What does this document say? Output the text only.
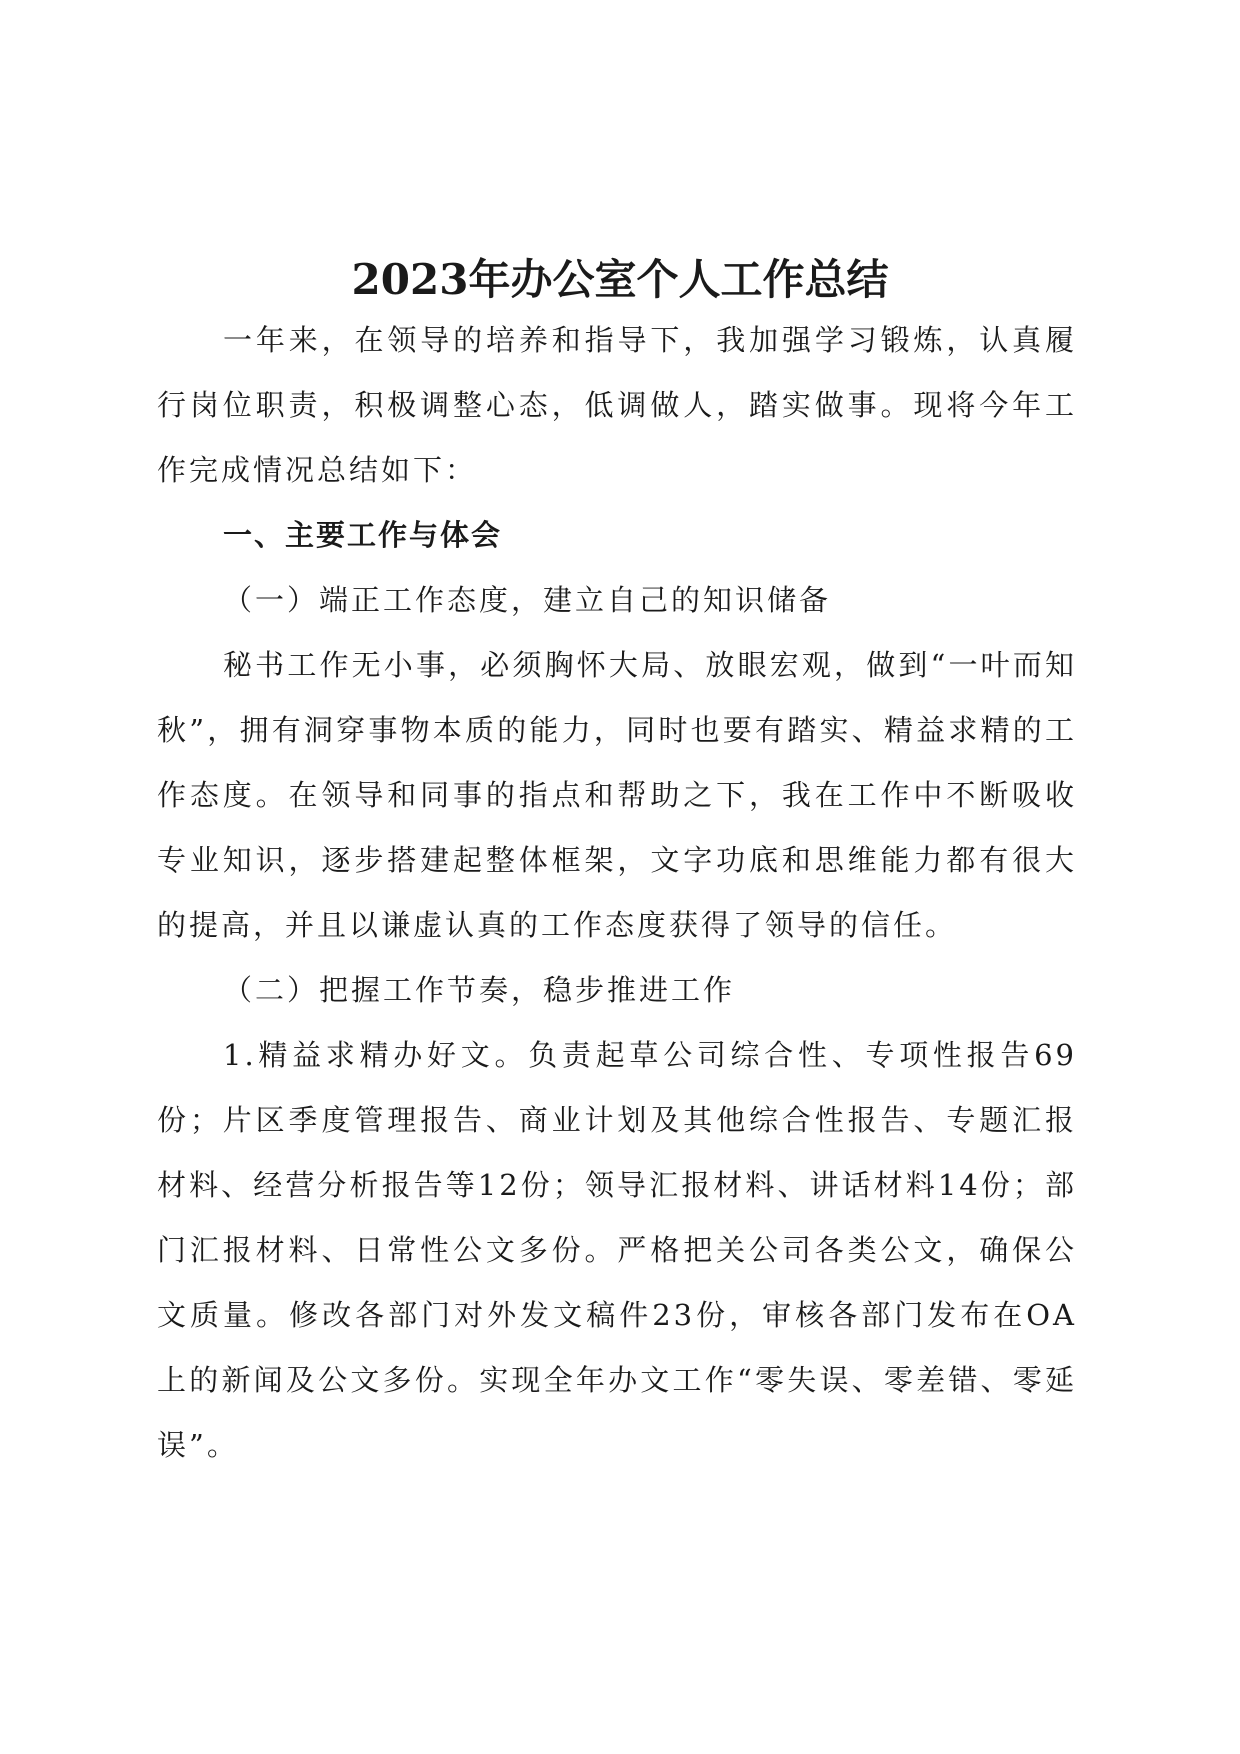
2023年办公室个人工作总结

一年来，在领导的培养和指导下，我加强学习锻炼，认真履行岗位职责，积极调整心态，低调做人，踏实做事。现将今年工作完成情况总结如下：

一、主要工作与体会
（一）端正工作态度，建立自己的知识储备

秘书工作无小事，必须胸怀大局、放眼宏观，做到“一叶而知秋”，拥有洞穿事物本质的能力，同时也要有踏实、精益求精的工作态度。在领导和同事的指点和帮助之下，我在工作中不断吸收专业知识，逐步搭建起整体框架，文字功底和思维能力都有很大的提高，并且以谦虚认真的工作态度获得了领导的信任。

（二）把握工作节奏，稳步推进工作

1.精益求精办好文。负责起草公司综合性、专项性报告69份；片区季度管理报告、商业计划及其他综合性报告、专题汇报材料、经营分析报告等12份；领导汇报材料、讲话材料14份；部门汇报材料、日常性公文多份。严格把关公司各类公文，确保公文质量。修改各部门对外发文稿件23份，审核各部门发布在OA上的新闻及公文多份。实现全年办文工作“零失误、零差错、零延误”。
